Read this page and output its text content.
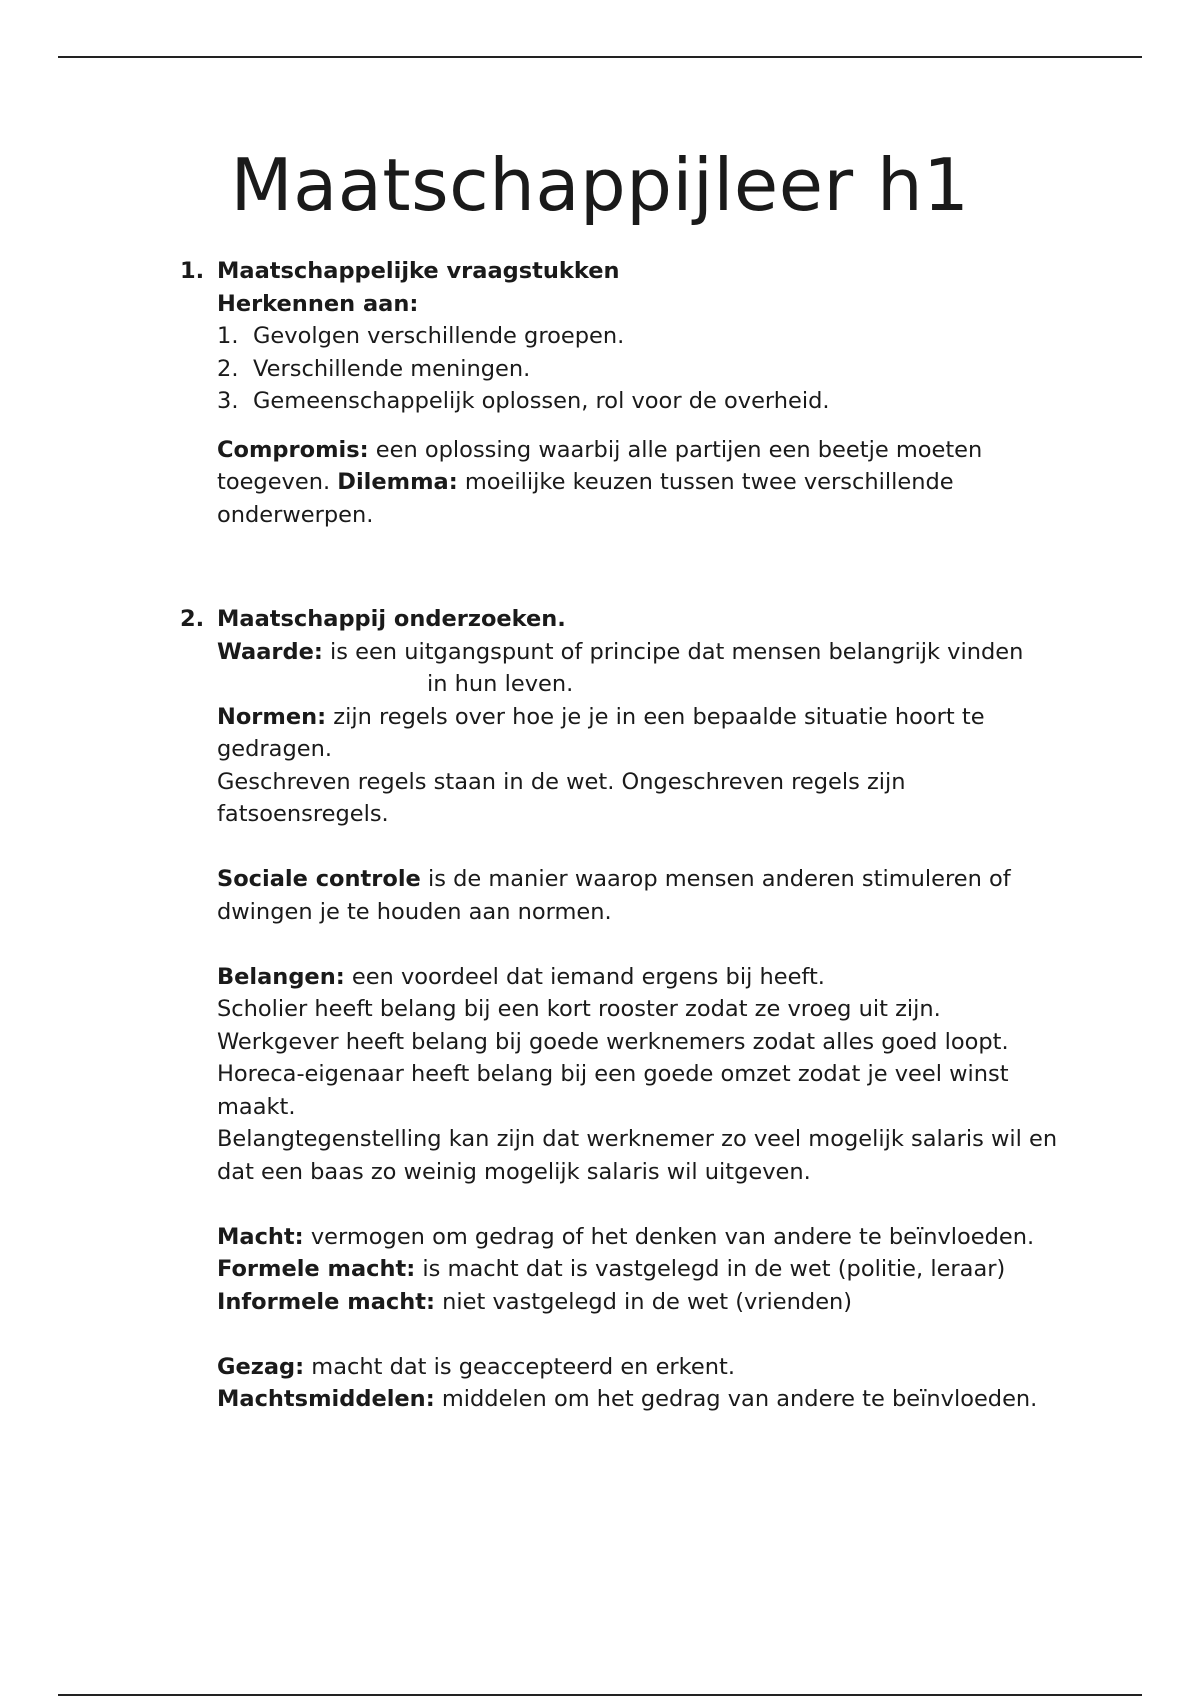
Maatschappijleer h1
1. Maatschappelijke vraagstukken
Herkennen aan:
1. Gevolgen verschillende groepen.
2. Verschillende meningen.
3. Gemeenschappelijk oplossen, rol voor de overheid.

Compromis: een oplossing waarbij alle partijen een beetje moeten toegeven. Dilemma: moeilijke keuzen tussen twee verschillende onderwerpen.

2. Maatschappij onderzoeken.

Waarde: is een uitgangspunt of principe dat mensen belangrijk vindenin hun leven.

Normen: zijn regels over hoe je je in een bepaalde situatie hoort te gedragen.

Geschreven regels staan in de wet. Ongeschreven regels zijn fatsoensregels.

Sociale controle is de manier waarop mensen anderen stimuleren of dwingen je te houden aan normen.

Belangen: een voordeel dat iemand ergens bij heeft.

Scholier heeft belang bij een kort rooster zodat ze vroeg uit zijn.

Werkgever heeft belang bij goede werknemers zodat alles goed loopt.

Horeca-eigenaar heeft belang bij een goede omzet zodat je veel winst maakt.

Belangtegenstelling kan zijn dat werknemer zo veel mogelijk salaris wil en dat een baas zo weinig mogelijk salaris wil uitgeven.

Macht: vermogen om gedrag of het denken van andere te beïnvloeden.

Formele macht: is macht dat is vastgelegd in de wet (politie, leraar)

Informele macht: niet vastgelegd in de wet (vrienden)

Gezag: macht dat is geaccepteerd en erkent.

Machtsmiddelen: middelen om het gedrag van andere te beïnvloeden.
